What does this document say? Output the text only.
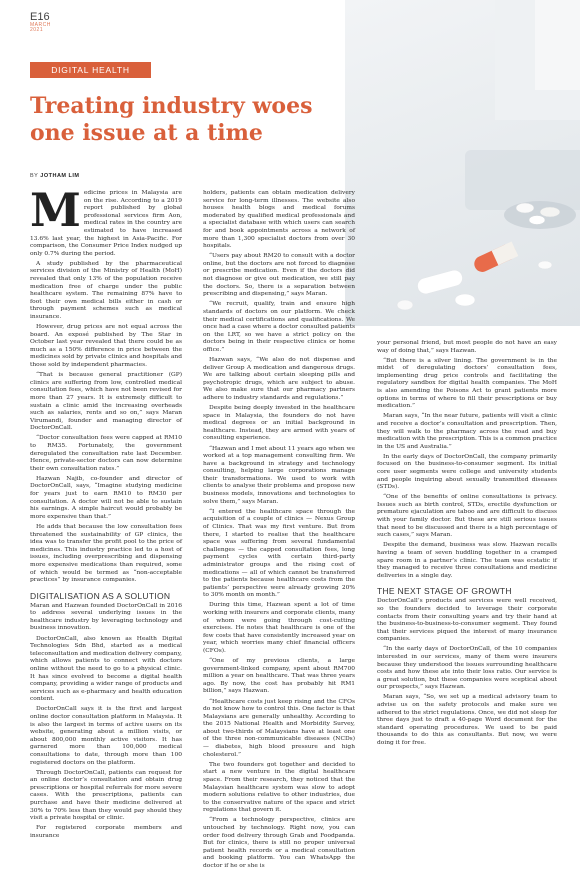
E16
MARCH
2021
DIGITAL HEALTH
Treating industry woes one issue at a time
BY JOTHAM LIM

Medicine prices in Malaysia are on the rise. According to a 2019 report published by global professional services firm Aon, medical rates in the country are estimated to have increased 13.6% last year, the highest in Asia-Pacific. For comparison, the Consumer Price Index nudged up only 0.7% during the period.

A study published by the pharmaceutical services division of the Ministry of Health (MoH) revealed that only 13% of the population receive medication free of charge under the public healthcare system. The remaining 87% have to foot their own medical bills either in cash or through payment schemes such as medical insurance.

However, drug prices are not equal across the board. An exposé published by The Star in October last year revealed that there could be as much as a 150% difference in price between the medicines sold by private clinics and hospitals and those sold by independent pharmacies.

“That is because general practitioner (GP) clinics are suffering from low, controlled medical consultation fees, which have not been revised for more than 27 years. It is extremely difficult to sustain a clinic amid the increasing overheads such as salaries, rents and so on,” says Maran Virumandi, founder and managing director of DoctorOnCall.

“Doctor consultation fees were capped at RM10 to RM35. Fortunately, the government deregulated the consultation rate last December. Hence, private-sector doctors can now determine their own consultation rates.”

Hazwan Najib, co-founder and director of DoctorOnCall, says, “Imagine studying medicine for years just to earn RM10 to RM30 per consultation. A doctor will not be able to sustain his earnings. A simple haircut would probably be more expensive than that.”

He adds that because the low consultation fees threatened the sustainability of GP clinics, the idea was to transfer the profit pool to the price of medicines. This industry practice led to a host of issues, including overprescribing and dispensing more expensive medications than required, some of which would be termed as “non-acceptable practices” by insurance companies.

DIGITALISATION AS A SOLUTION

Maran and Hazwan founded DoctorOnCall in 2016 to address several underlying issues in the healthcare industry by leveraging technology and business innovation.

DoctorOnCall, also known as Health Digital Technologies Sdn Bhd, started as a medical teleconsultation and medication delivery company, which allows patients to connect with doctors online without the need to go to a physical clinic. It has since evolved to become a digital health company, providing a wider range of products and services such as e-pharmacy and health education content.

DoctorOnCall says it is the first and largest online doctor consultation platform in Malaysia. It is also the largest in terms of active users on its website, generating about a million visits, or about 800,000 monthly active visitors. It has garnered more than 100,000 medical consultations to date, through more than 100 registered doctors on the platform.

Through DoctorOnCall, patients can request for an online doctor’s consultation and obtain drug prescriptions or hospital referrals for more severe cases. With the prescriptions, patients can purchase and have their medicine delivered at 30% to 70% less than they would pay should they visit a private hospital or clinic.

For registered corporate members and insurance

holders, patients can obtain medication delivery service for long-term illnesses. The website also houses health blogs and medical forums moderated by qualified medical professionals and a specialist database with which users can search for and book appointments across a network of more than 1,300 specialist doctors from over 30 hospitals.

“Users pay about RM20 to consult with a doctor online, but the doctors are not forced to diagnose or prescribe medication. Even if the doctors did not diagnose or give out medication, we still pay the doctors. So, there is a separation between prescribing and dispensing,” says Maran.

“We recruit, qualify, train and ensure high standards of doctors on our platform. We check their medical certifications and qualifications. We once had a case where a doctor consulted patients on the LRT, so we have a strict policy on the doctors being in their respective clinics or home office.”

Hazwan says, “We also do not dispense and deliver Group A medication and dangerous drugs. We are talking about certain sleeping pills and psychotropic drugs, which are subject to abuse. We also make sure that our pharmacy partners adhere to industry standards and regulations.”

Despite being deeply invested in the healthcare space in Malaysia, the founders do not have medical degrees or an initial background in healthcare. Instead, they are armed with years of consulting experience.

“Hazwan and I met about 11 years ago when we worked at a top management consulting firm. We have a background in strategy and technology consulting, helping large corporations manage their transformations. We used to work with clients to analyse their problems and propose new business models, innovations and technologies to solve them,” says Maran.

“I entered the healthcare space through the acquisition of a couple of clinics — Nexus Group of Clinics. That was my first venture. But from there, I started to realise that the healthcare space was suffering from several fundamental challenges — the capped consultation fees, long payment cycles with certain third-party administrator groups and the rising cost of medications — all of which cannot be transferred to the patients because healthcare costs from the patients’ perspective were already growing 20% to 30% month on month.”

During this time, Hazwan spent a lot of time working with insurers and corporate clients, many of whom were going through cost-cutting exercises. He notes that healthcare is one of the few costs that have consistently increased year on year, which worries many chief financial officers (CFOs).

“One of my previous clients, a large government-linked company, spent about RM700 million a year on healthcare. That was three years ago. By now, the cost has probably hit RM1 billion,” says Hazwan.

“Healthcare costs just keep rising and the CFOs do not know how to control this. One factor is that Malaysians are generally unhealthy. According to the 2015 National Health and Morbidity Survey, about two-thirds of Malaysians have at least one of the three non-communicable diseases (NCDs) — diabetes, high blood pressure and high cholesterol.”

The two founders got together and decided to start a new venture in the digital healthcare space. From their research, they noticed that the Malaysian healthcare system was slow to adopt modern solutions relative to other industries, due to the conservative nature of the space and strict regulations that govern it.

“From a technology perspective, clinics are untouched by technology. Right now, you can order food delivery through Grab and Foodpanda. But for clinics, there is still no proper universal patient health records or a medical consultation and booking platform. You can WhatsApp the doctor if he or she is

your personal friend, but most people do not have an easy way of doing that,” says Hazwan.

“But there is a silver lining. The government is in the midst of deregulating doctors’ consultation fees, implementing drug price controls and facilitating the regulatory sandbox for digital health companies. The MoH is also amending the Poisons Act to grant patients more options in terms of where to fill their prescriptions or buy medication.”

Maran says, “In the near future, patients will visit a clinic and receive a doctor’s consultation and prescription. Then, they will walk to the pharmacy across the road and buy medication with the prescription. This is a common practice in the US and Australia.”

In the early days of DoctorOnCall, the company primarily focused on the business-to-consumer segment. Its initial core user segments were college and university students and people inquiring about sexually transmitted diseases (STDs).

“One of the benefits of online consultations is privacy. Issues such as birth control, STDs, erectile dysfunction or premature ejaculation are taboo and are difficult to discuss with your family doctor. But these are still serious issues that need to be discussed and there is a high percentage of such cases,” says Maran.

Despite the demand, business was slow. Hazwan recalls having a team of seven huddling together in a cramped spare room in a partner’s clinic. The team was ecstatic if they managed to receive three consultations and medicine deliveries in a single day.

THE NEXT STAGE OF GROWTH

DoctorOnCall’s products and services were well received, so the founders decided to leverage their corporate contacts from their consulting years and try their hand at the business-to-business-to-consumer segment. They found that their services piqued the interest of many insurance companies.

“In the early days of DoctorOnCall, of the 10 companies interested in our services, many of them were insurers because they understood the issues surrounding healthcare costs and how these ate into their loss ratio. Our service is a great solution, but these companies were sceptical about our prospects,” says Hazwan.

Maran says, “So, we set up a medical advisory team to advise us on the safety protocols and make sure we adhered to the strict regulations. Once, we did not sleep for three days just to draft a 40-page Word document for the standard operating procedures. We used to be paid thousands to do this as consultants. But now, we were doing it for free.
